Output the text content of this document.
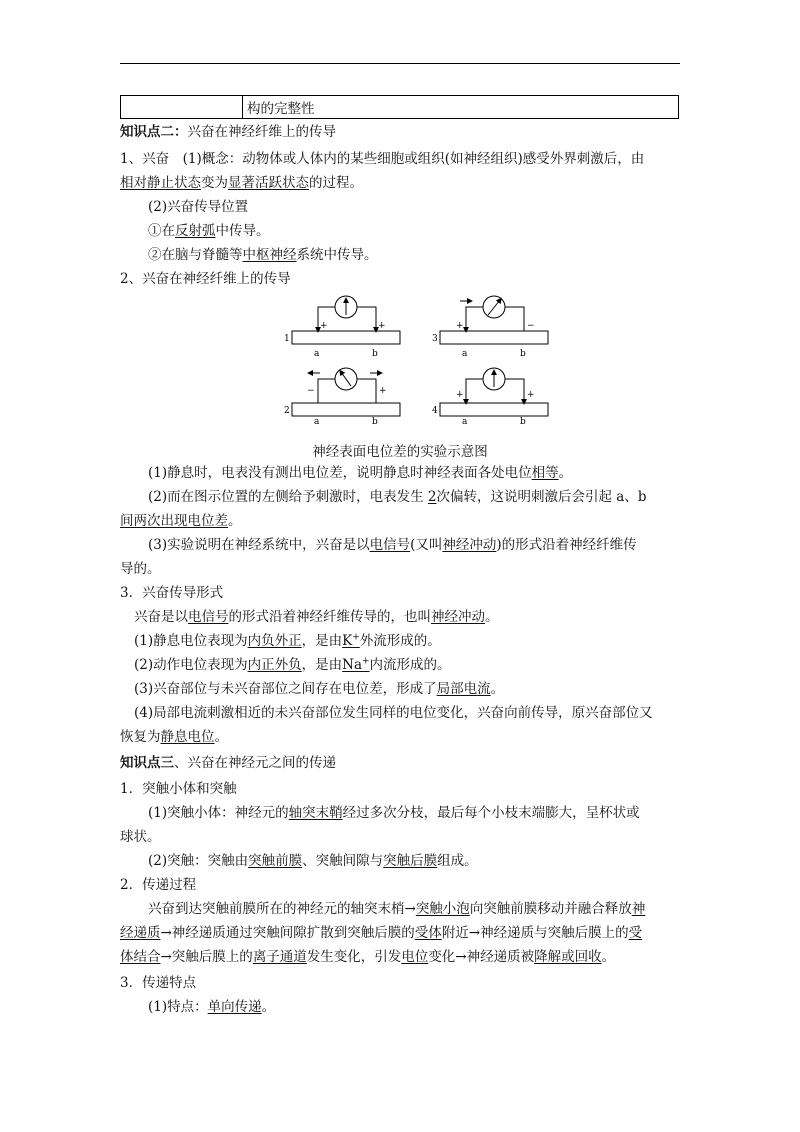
	构的完整性
知识点二：兴奋在神经纤维上的传导
1、兴奋　(1)概念：动物体或人体内的某些细胞或组织(如神经组织)感受外界刺激后，由
相对静止状态变为显著活跃状态的过程。
(2)兴奋传导位置
①在反射弧中传导。
②在脑与脊髓等中枢神经系统中传导。
2、兴奋在神经纤维上的传导
1	3
2	4
a	b	a	b
a	b	a	b
+	+	+	−
−	+	+	+
神经表面电位差的实验示意图
(1)静息时，电表没有测出电位差，说明静息时神经表面各处电位相等。
(2)而在图示位置的左侧给予刺激时，电表发生 2次偏转，这说明刺激后会引起 a、b
间两次出现电位差。
(3)实验说明在神经系统中，兴奋是以电信号(又叫神经冲动)的形式沿着神经纤维传
导的。
3．兴奋传导形式
兴奋是以电信号的形式沿着神经纤维传导的，也叫神经冲动。
(1)静息电位表现为内负外正，是由K+外流形成的。
(2)动作电位表现为内正外负，是由Na+内流形成的。
(3)兴奋部位与未兴奋部位之间存在电位差，形成了局部电流。
(4)局部电流刺激相近的未兴奋部位发生同样的电位变化，兴奋向前传导，原兴奋部位又
恢复为静息电位。
知识点三、兴奋在神经元之间的传递
1．突触小体和突触
(1)突触小体：神经元的轴突末鞘经过多次分枝，最后每个小枝末端膨大，呈杯状或
球状。
(2)突触：突触由突触前膜、突触间隙与突触后膜组成。
2．传递过程
兴奋到达突触前膜所在的神经元的轴突末梢→突触小泡向突触前膜移动并融合释放神
经递质→神经递质通过突触间隙扩散到突触后膜的受体附近→神经递质与突触后膜上的受
体结合→突触后膜上的离子通道发生变化，引发电位变化→神经递质被降解或回收。
3．传递特点
(1)特点：单向传递。
